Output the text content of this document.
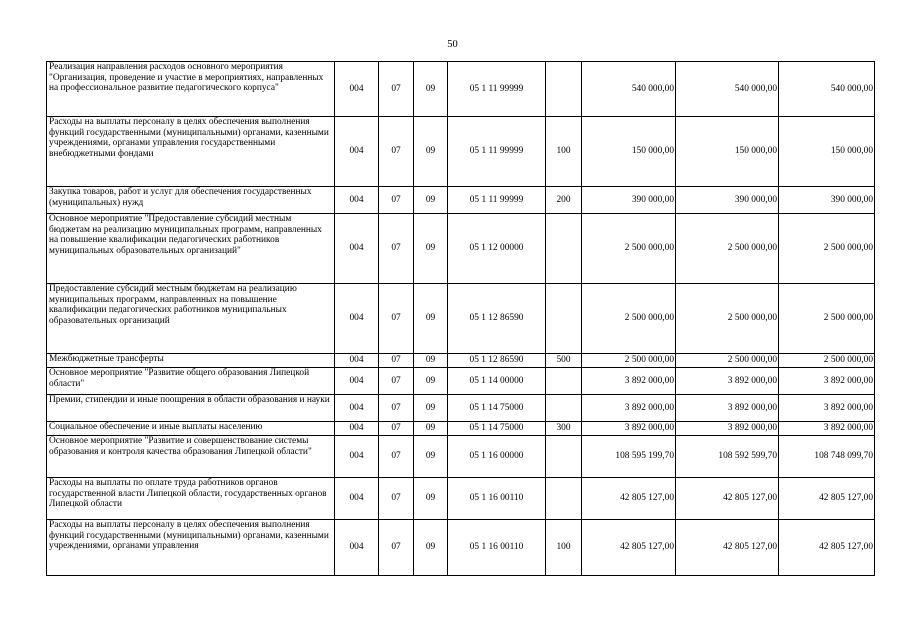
50
Реализация направления расходов основного мероприятия "Организация, проведение и участие в мероприятиях, направленных на профессиональное развитие педагогического корпуса"	004	07	09	05 1 11 99999		540 000,00	540 000,00	540 000,00
Расходы на выплаты персоналу в целях обеспечения выполнения функций государственными (муниципальными) органами, казенными учреждениями, органами управления государственными внебюджетными фондами	004	07	09	05 1 11 99999	100	150 000,00	150 000,00	150 000,00
Закупка товаров, работ и услуг для обеспечения государственных (муниципальных) нужд	004	07	09	05 1 11 99999	200	390 000,00	390 000,00	390 000,00
Основное мероприятие "Предоставление субсидий местным бюджетам на реализацию муниципальных программ, направленных на повышение квалификации педагогических работников муниципальных образовательных организаций"	004	07	09	05 1 12 00000		2 500 000,00	2 500 000,00	2 500 000,00
Предоставление субсидий местным бюджетам на реализацию муниципальных программ, направленных на повышение квалификации педагогических работников муниципальных образовательных организаций	004	07	09	05 1 12 86590		2 500 000,00	2 500 000,00	2 500 000,00
Межбюджетные трансферты	004	07	09	05 1 12 86590	500	2 500 000,00	2 500 000,00	2 500 000,00
Основное мероприятие "Развитие общего образования Липецкой области"	004	07	09	05 1 14 00000		3 892 000,00	3 892 000,00	3 892 000,00
Премии, стипендии и иные поощрения в области образования и науки	004	07	09	05 1 14 75000		3 892 000,00	3 892 000,00	3 892 000,00
Социальное обеспечение и иные выплаты населению	004	07	09	05 1 14 75000	300	3 892 000,00	3 892 000,00	3 892 000,00
Основное мероприятие "Развитие и совершенствование системы образования и контроля качества образования Липецкой области"	004	07	09	05 1 16 00000		108 595 199,70	108 592 599,70	108 748 099,70
Расходы на выплаты по оплате труда работников органов государственной власти Липецкой области, государственных органов Липецкой области	004	07	09	05 1 16 00110		42 805 127,00	42 805 127,00	42 805 127,00
Расходы на выплаты персоналу в целях обеспечения выполнения функций государственными (муниципальными) органами, казенными учреждениями, органами управления	004	07	09	05 1 16 00110	100	42 805 127,00	42 805 127,00	42 805 127,00
